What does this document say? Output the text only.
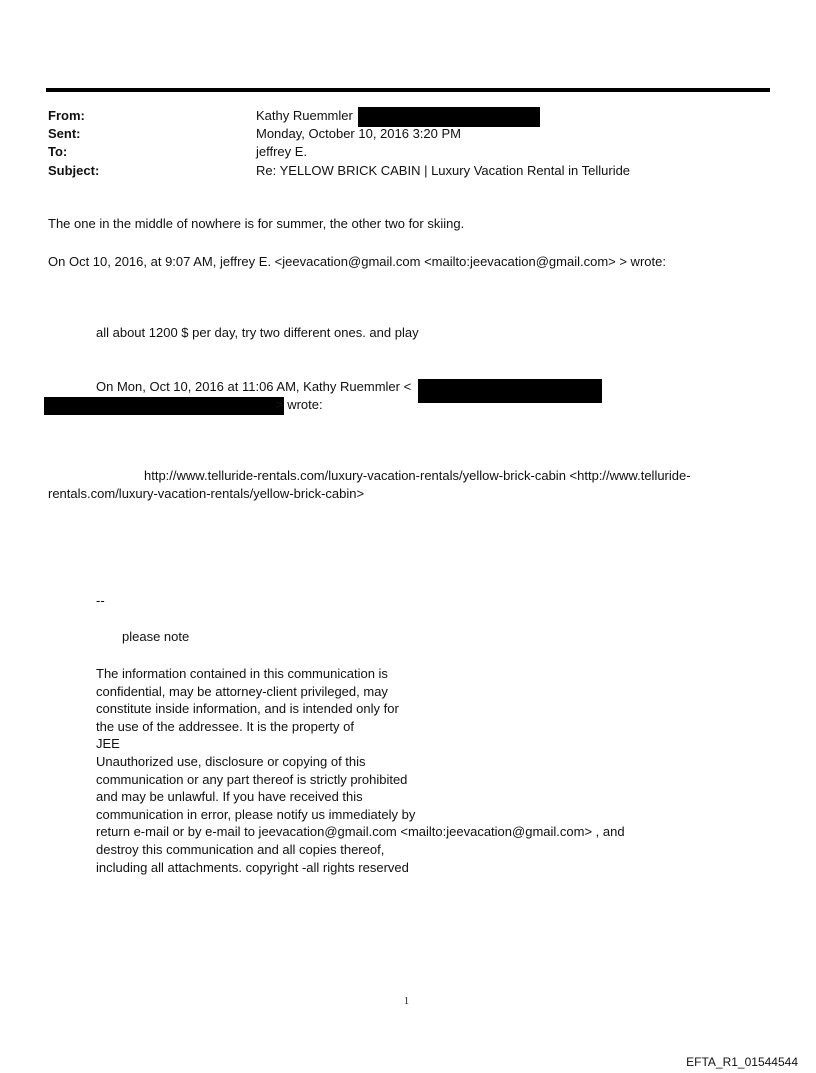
From:	Kathy Ruemmler
Sent:	Monday, October 10, 2016 3:20 PM
To:	jeffrey E.
Subject:	Re: YELLOW BRICK CABIN | Luxury Vacation Rental in Telluride
The one in the middle of nowhere is for summer, the other two for skiing.
On Oct 10, 2016, at 9:07 AM, jeffrey E. <jeevacation@gmail.com <mailto:jeevacation@gmail.com> > wrote:
all about 1200 $ per day, try two different ones. and play
On Mon, Oct 10, 2016 at 11:06 AM, Kathy Ruemmler <
> wrote:
http://www.telluride-rentals.com/luxury-vacation-rentals/yellow-brick-cabin <http://www.telluride-
rentals.com/luxury-vacation-rentals/yellow-brick-cabin>
--
please note
The information contained in this communication is
confidential, may be attorney-client privileged, may
constitute inside information, and is intended only for
the use of the addressee. It is the property of
JEE
Unauthorized use, disclosure or copying of this
communication or any part thereof is strictly prohibited
and may be unlawful. If you have received this
communication in error, please notify us immediately by
return e-mail or by e-mail to jeevacation@gmail.com <mailto:jeevacation@gmail.com> , and
destroy this communication and all copies thereof,
including all attachments. copyright -all rights reserved
1
EFTA_R1_01544544
